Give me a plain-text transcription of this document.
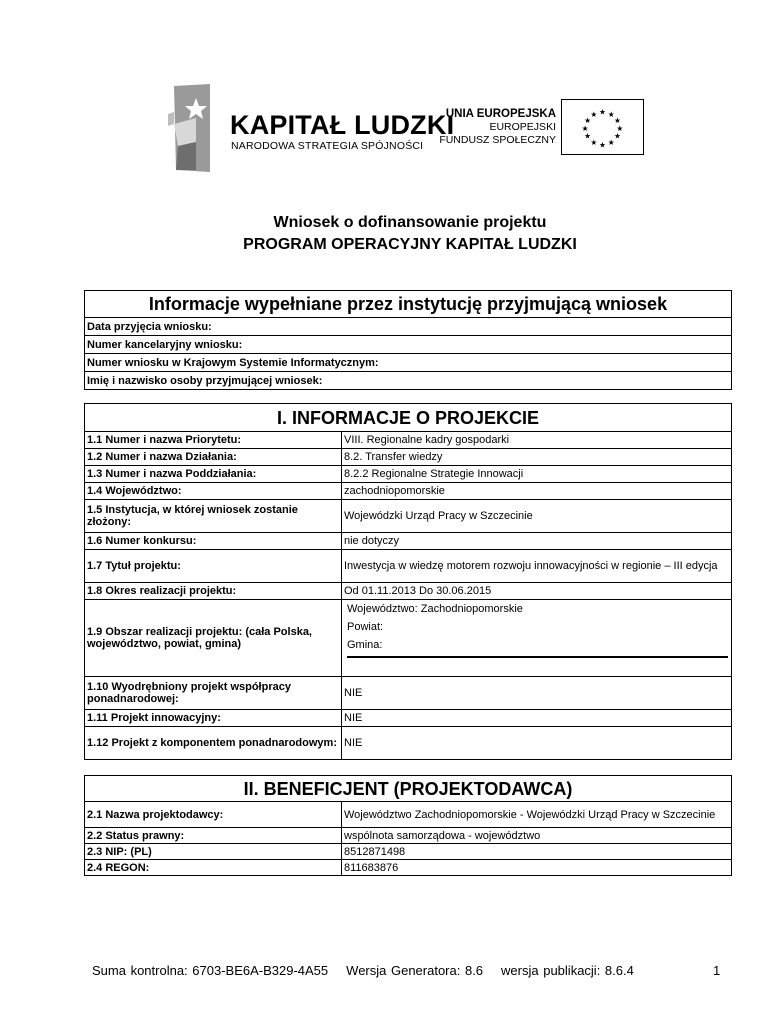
KAPITAŁ LUDZKI
NARODOWA STRATEGIA SPÓJNOŚCI
UNIA EUROPEJSKA
EUROPEJSKI
FUNDUSZ SPOŁECZNY
★ ★
★
★
★
★
★
★
★
★
★
★
Wniosek o dofinansowanie projektu
PROGRAM OPERACYJNY KAPITAŁ LUDZKI
Informacje wypełniane przez instytucję przyjmującą wniosek
Data przyjęcia wniosku:
Numer kancelaryjny wniosku:
Numer wniosku w Krajowym Systemie Informatycznym:
Imię i nazwisko osoby przyjmującej wniosek:
I. INFORMACJE O PROJEKCIE
1.1 Numer i nazwa Priorytetu:	VIII. Regionalne kadry gospodarki
1.2 Numer i nazwa Działania:	8.2. Transfer wiedzy
1.3 Numer i nazwa Poddziałania:	8.2.2 Regionalne Strategie Innowacji
1.4 Województwo:	zachodniopomorskie
1.5 Instytucja, w której wniosek zostanie złożony:	Wojewódzki Urząd Pracy w Szczecinie
1.6 Numer konkursu:	nie dotyczy
1.7 Tytuł projektu:	Inwestycja w wiedzę motorem rozwoju innowacyjności w regionie – III edycja
1.8 Okres realizacji projektu:	Od 01.11.2013 Do 30.06.2015
1.9 Obszar realizacji projektu: (cała Polska, województwo, powiat, gmina)
Województwo: Zachodniopomorskie
Powiat:
Gmina:
1.10 Wyodrębniony projekt współpracy ponadnarodowej:	NIE
1.11 Projekt innowacyjny:	NIE
1.12 Projekt z komponentem ponadnarodowym: NIE
II. BENEFICJENT (PROJEKTODAWCA)
2.1 Nazwa projektodawcy:	Województwo Zachodniopomorskie - Wojewódzki Urząd Pracy w Szczecinie
2.2 Status prawny:	wspólnota samorządowa - województwo
2.3 NIP: (PL)	8512871498
2.4 REGON:	811683876
Suma kontrolna: 6703-BE6A-B329-4A55 Wersja Generatora: 8.6 wersja publikacji: 8.6.4	1
